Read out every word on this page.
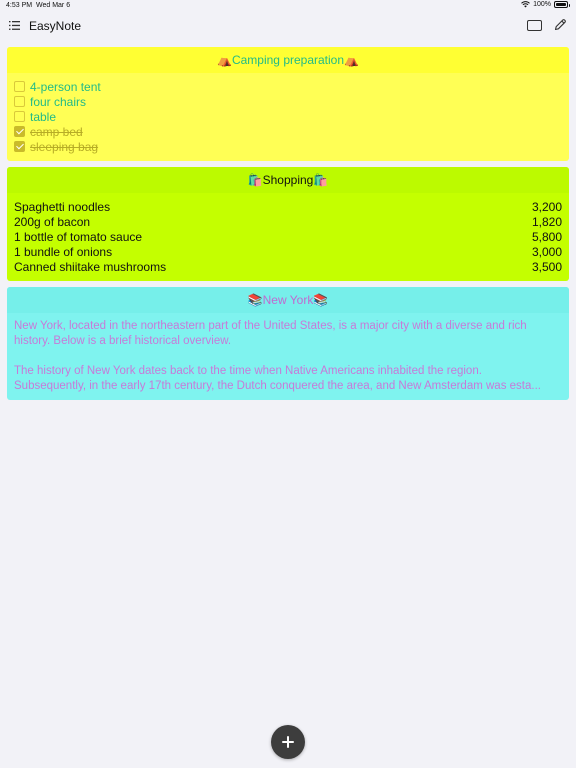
4:53 PM Wed Mar 6	100%
EasyNote
⛺Camping preparation⛺
4-person tent
four chairs
table
camp bed
sleeping bag
🛍️Shopping🛍️
Spaghetti noodles	3,200
200g of bacon	1,820
1 bottle of tomato sauce	5,800
1 bundle of onions	3,000
Canned shiitake mushrooms	3,500
📚New York📚

New York, located in the northeastern part of the United States, is a major city with a diverse and rich history. Below is a brief historical overview.

The history of New York dates back to the time when Native Americans inhabited the region.

Subsequently, in the early 17th century, the Dutch conquered the area, and New Amsterdam was esta...
